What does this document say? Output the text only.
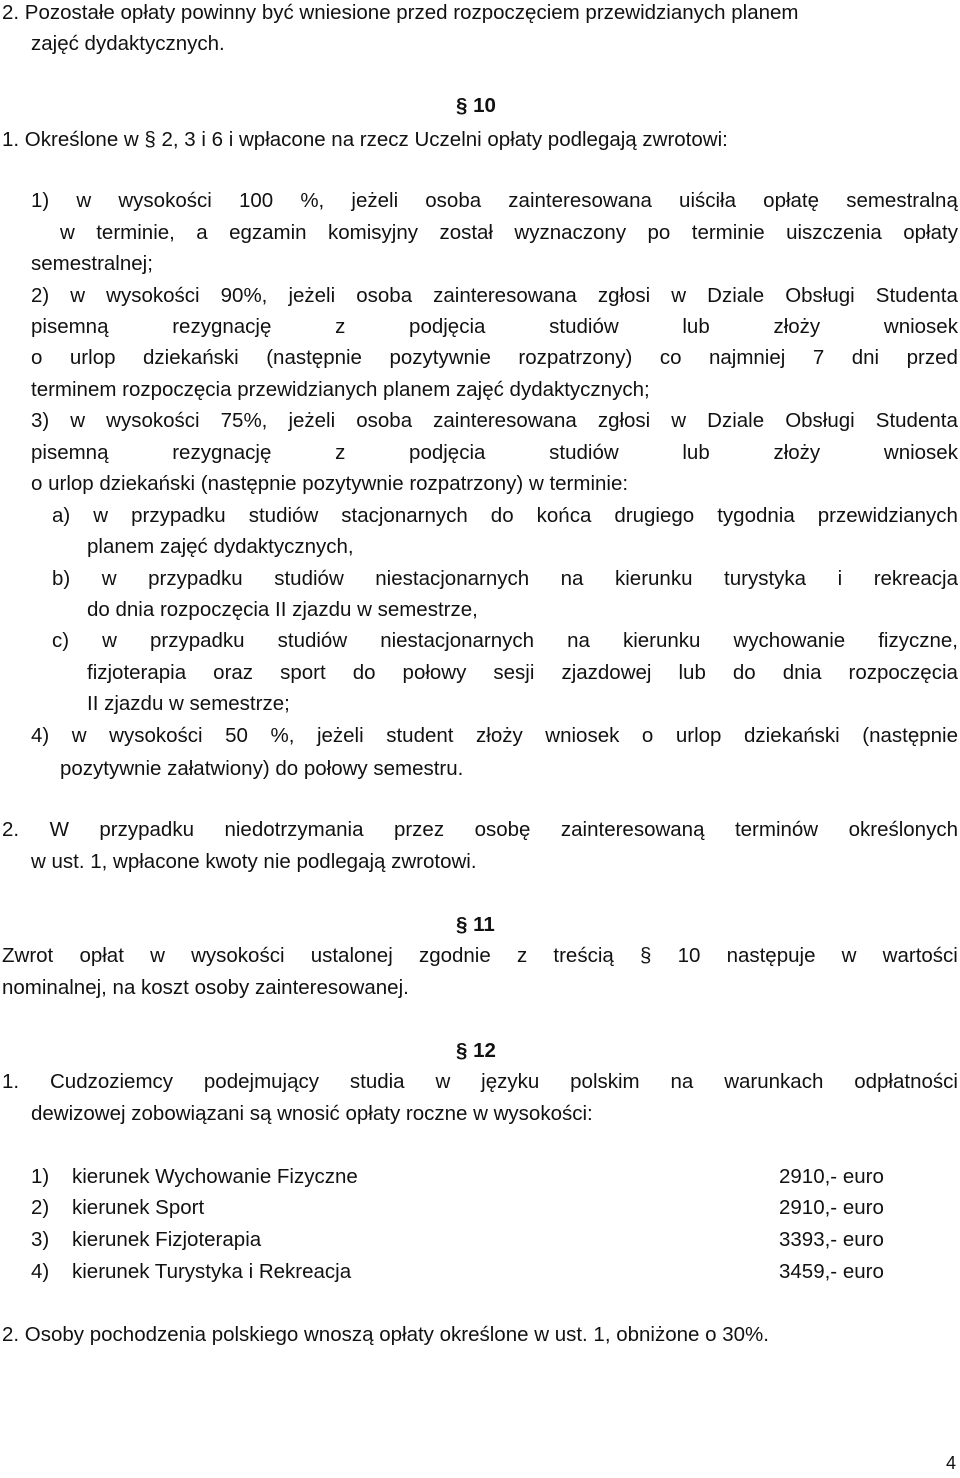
2. Pozostałe opłaty powinny być wniesione przed rozpoczęciem przewidzianych planem
zajęć dydaktycznych.
§ 10
1. Określone w § 2, 3 i 6 i wpłacone na rzecz Uczelni opłaty podlegają zwrotowi:
1) w wysokości 100 %, jeżeli osoba zainteresowana uiściła opłatę semestralną
w terminie, a egzamin komisyjny został wyznaczony po terminie uiszczenia opłaty
semestralnej;
2) w wysokości 90%, jeżeli osoba zainteresowana zgłosi w Dziale Obsługi Studenta
pisemną	rezygnację	z	podjęcia	studiów	lub	złoży	wniosek
o urlop dziekański (następnie pozytywnie rozpatrzony) co najmniej 7 dni przed
terminem rozpoczęcia przewidzianych planem zajęć dydaktycznych;
3) w wysokości 75%, jeżeli osoba zainteresowana zgłosi w Dziale Obsługi Studenta
pisemną	rezygnację	z	podjęcia	studiów	lub	złoży	wniosek
o urlop dziekański (następnie pozytywnie rozpatrzony) w terminie:
a) w przypadku studiów stacjonarnych do końca drugiego tygodnia przewidzianych
planem zajęć dydaktycznych,
b) w przypadku studiów niestacjonarnych na kierunku turystyka i rekreacja
do dnia rozpoczęcia II zjazdu w semestrze,
c) w przypadku studiów niestacjonarnych na kierunku wychowanie fizyczne,
fizjoterapia oraz sport do połowy sesji zjazdowej lub do dnia rozpoczęcia
II zjazdu w semestrze;
4) w wysokości 50 %, jeżeli student złoży wniosek o urlop dziekański (następnie
pozytywnie załatwiony) do połowy semestru.
2. W przypadku niedotrzymania przez osobę zainteresowaną terminów określonych
w ust. 1, wpłacone kwoty nie podlegają zwrotowi.
§ 11
Zwrot opłat w wysokości ustalonej zgodnie z treścią § 10 następuje w wartości
nominalnej, na koszt osoby zainteresowanej.
§ 12
1. Cudzoziemcy podejmujący studia w języku polskim na warunkach odpłatności
dewizowej zobowiązani są wnosić opłaty roczne w wysokości:
1) kierunek Wychowanie Fizyczne	2910,- euro
2) kierunek Sport	2910,- euro
3) kierunek Fizjoterapia	3393,- euro
4) kierunek Turystyka i Rekreacja	3459,- euro
2. Osoby pochodzenia polskiego wnoszą opłaty określone w ust. 1, obniżone o 30%.
4
